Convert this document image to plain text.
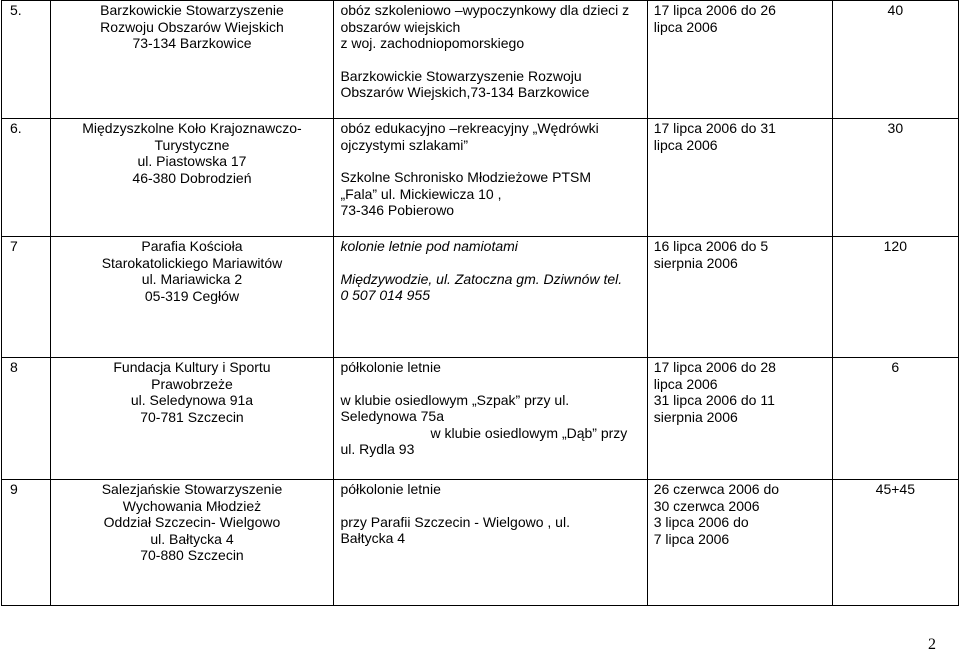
5.	Barzkowickie Stowarzyszenie
Rozwoju Obszarów Wiejskich
73-134 Barzkowice	obóz szkoleniowo –wypoczynkowy dla dzieci z
obszarów wiejskich
z woj. zachodniopomorskiego
Barzkowickie Stowarzyszenie Rozwoju
Obszarów Wiejskich,73-134 Barzkowice	17 lipca 2006 do 26
lipca 2006	40
6.	Międzyszkolne Koło Krajoznawczo-
Turystyczne
ul. Piastowska 17
46-380 Dobrodzień	obóz edukacyjno –rekreacyjny „Wędrówki
ojczystymi szlakami”
Szkolne Schronisko Młodzieżowe PTSM
„Fala” ul. Mickiewicza 10 ,
73-346 Pobierowo	17 lipca 2006 do 31
lipca 2006	30
7	Parafia Kościoła
Starokatolickiego Mariawitów
ul. Mariawicka 2
05-319 Cegłów	kolonie letnie pod namiotami
Międzywodzie, ul. Zatoczna gm. Dziwnów tel.
0 507 014 955	16 lipca 2006 do 5
sierpnia 2006	120
8	Fundacja Kultury i Sportu
Prawobrzeże
ul. Seledynowa 91a
70-781 Szczecin	półkolonie letnie
w klubie osiedlowym „Szpak” przy ul.
Seledynowa 75a
w klubie osiedlowym „Dąb” przy
ul. Rydla 93	17 lipca 2006 do 28
lipca 2006
31 lipca 2006 do 11
sierpnia 2006	6
9	Salezjańskie Stowarzyszenie
Wychowania Młodzież
Oddział Szczecin- Wielgowo
ul. Bałtycka 4
70-880 Szczecin	półkolonie letnie
przy Parafii Szczecin - Wielgowo , ul.
Bałtycka 4	26 czerwca 2006 do
30 czerwca 2006
3 lipca 2006 do
7 lipca 2006	45+45
2
